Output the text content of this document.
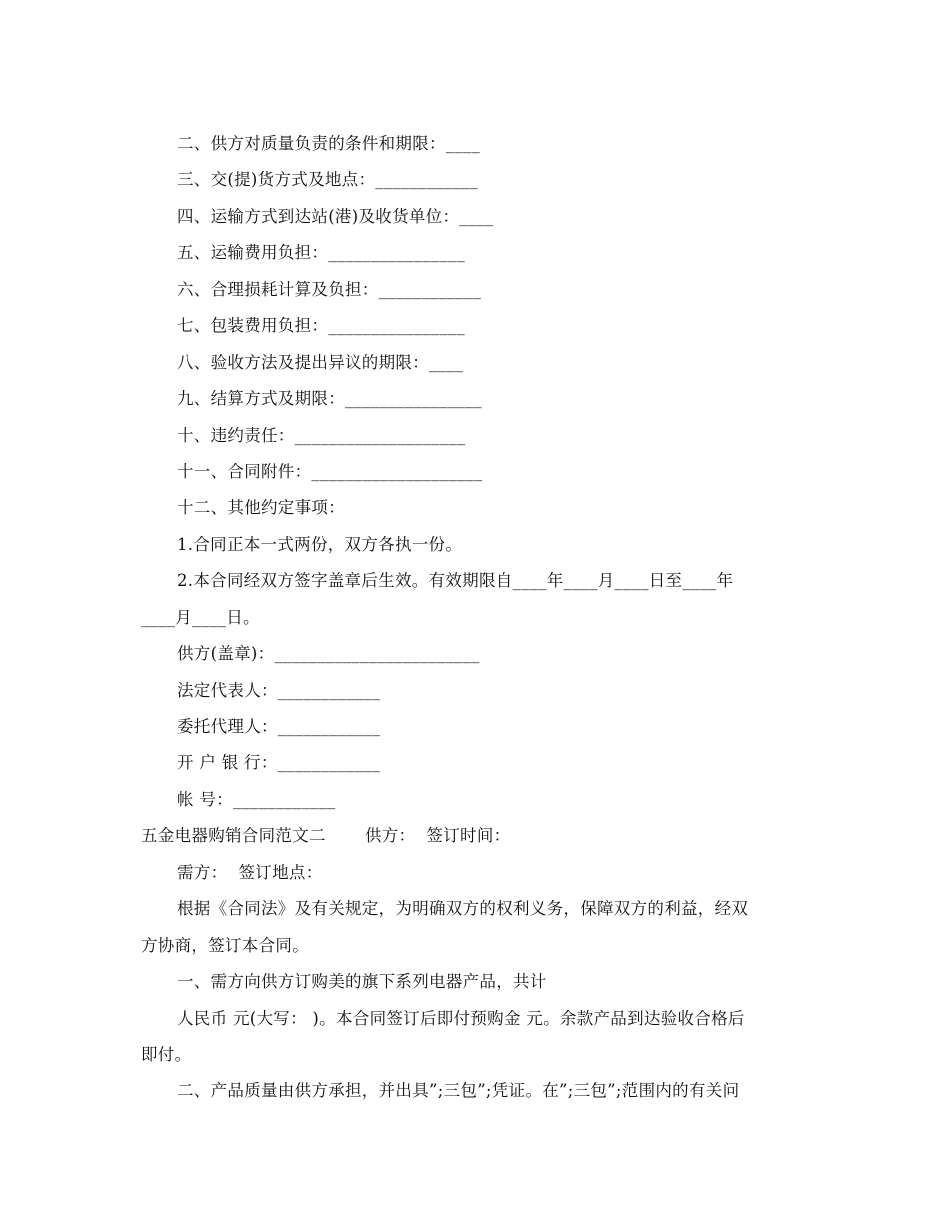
二、供方对质量负责的条件和期限：____
三、交(提)货方式及地点：____________
四、运输方式到达站(港)及收货单位：____
五、运输费用负担：________________
六、合理损耗计算及负担：____________
七、包装费用负担：________________
八、验收方法及提出异议的期限：____
九、结算方式及期限：________________
十、违约责任：____________________
十一、合同附件：____________________
十二、其他约定事项：
1.合同正本一式两份，双方各执一份。
2.本合同经双方签字盖章后生效。有效期限自____年____月____日至____年
____月____日。
供方(盖章)：________________________
法定代表人：____________
委托代理人：____________
开 户 银 行：____________
帐 号：____________
五金电器购销合同范文二　　 供方：  签订时间：
需方：  签订地点：
根据《合同法》及有关规定，为明确双方的权利义务，保障双方的利益，经双
方协商，签订本合同。
一、需方向供方订购美的旗下系列电器产品，共计
人民币 元(大写： )。本合同签订后即付预购金 元。余款产品到达验收合格后
即付。
二、产品质量由供方承担，并出具”;三包”;凭证。在”;三包”;范围内的有关问
